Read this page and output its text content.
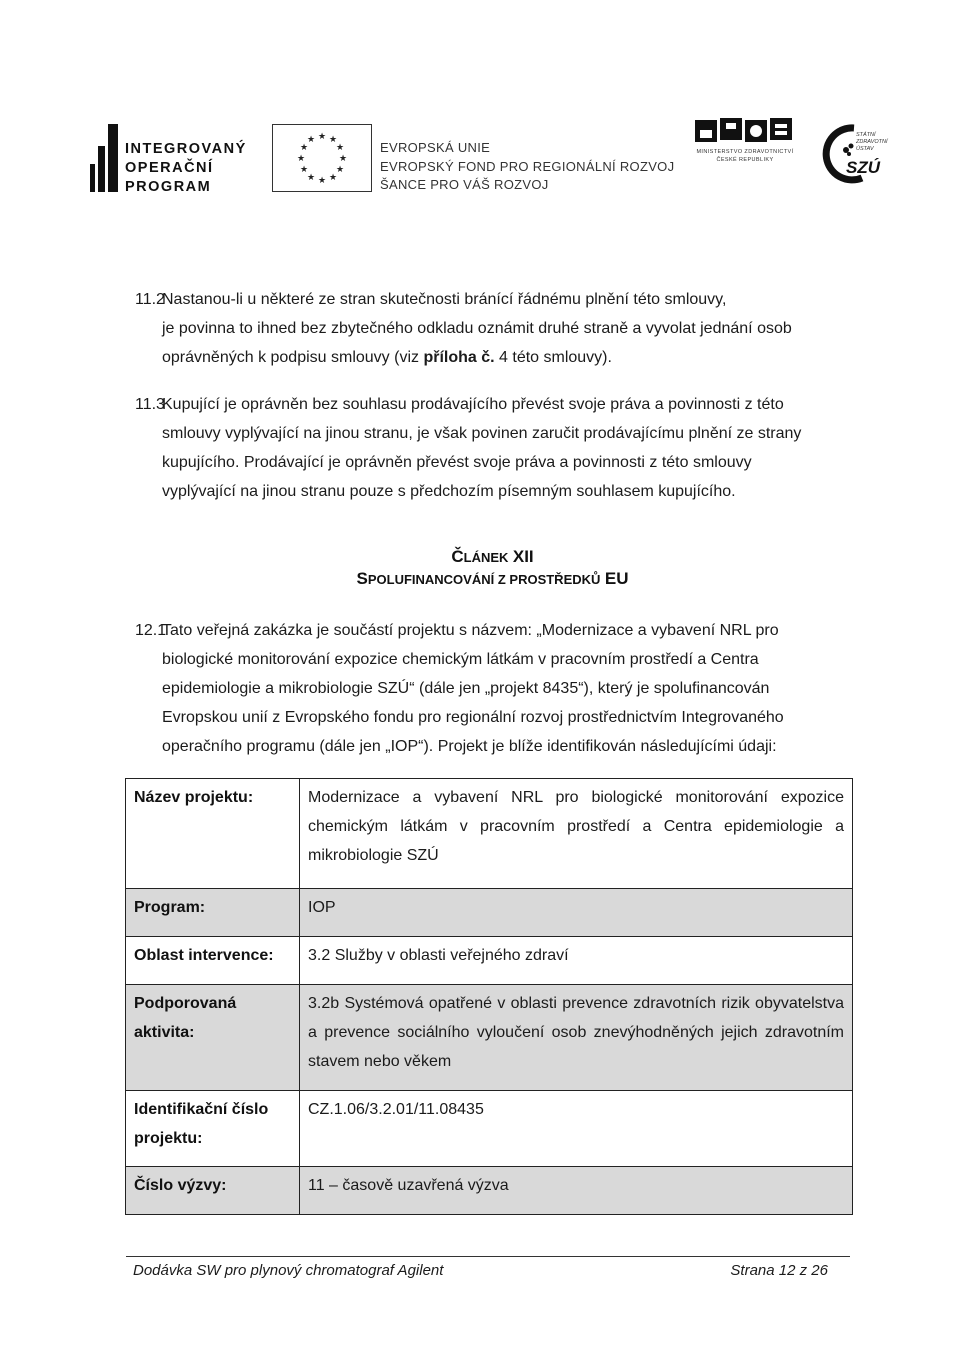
INTEGROVANÝ
OPERAČNÍ
PROGRAM
★ ★
★
★
★
★
★
★
★
★
★
★	EVROPSKÁ UNIE
EVROPSKÝ FOND PRO REGIONÁLNÍ ROZVOJ
ŠANCE PRO VÁŠ ROZVOJ
MINISTERSTVO ZDRAVOTNICTVÍ
ČESKÉ REPUBLIKY
STÁTNÍ
ZDRAVOTNÍ
ÚSTAV
SZÚ
11.2
Nastanou-li u některé ze stran skutečnosti bránící řádnému plnění této smlouvy,
je povinna to ihned bez zbytečného odkladu oznámit druhé straně a vyvolat jednání osob
oprávněných k podpisu smlouvy (viz příloha č. 4 této smlouvy).
11.3
Kupující je oprávněn bez souhlasu prodávajícího převést svoje práva a povinnosti z této
smlouvy vyplývající na jinou stranu, je však povinen zaručit prodávajícímu plnění ze strany
kupujícího. Prodávající je oprávněn převést svoje práva a povinnosti z této smlouvy
vyplývající na jinou stranu pouze s předchozím písemným souhlasem kupujícího.
ČLÁNEK XII
SPOLUFINANCOVÁNÍ Z PROSTŘEDKŮ EU
12.1
Tato veřejná zakázka je součástí projektu s názvem: „Modernizace a vybavení NRL pro
biologické monitorování expozice chemickým látkám v pracovním prostředí a Centra
epidemiologie a mikrobiologie SZÚ“ (dále jen „projekt 8435“), který je spolufinancován
Evropskou unií z Evropského fondu pro regionální rozvoj prostřednictvím Integrovaného
operačního programu (dále jen „IOP“). Projekt je blíže identifikován následujícími údaji:
Název projektu:	Modernizace a vybavení NRL pro biologické monitorování expozice chemickým látkám v pracovním prostředí a Centra epidemiologie a mikrobiologie SZÚ
Program:	IOP
Oblast intervence:	3.2 Služby v oblasti veřejného zdraví
Podporovaná aktivita:	3.2b Systémová opatřené v oblasti prevence zdravotních rizik obyvatelstva a prevence sociálního vyloučení osob znevýhodněných jejich zdravotním stavem nebo věkem
Identifikační číslo projektu:	CZ.1.06/3.2.01/11.08435
Číslo výzvy:	11 – časově uzavřená výzva
Dodávka SW pro plynový chromatograf Agilent	Strana 12 z 26
